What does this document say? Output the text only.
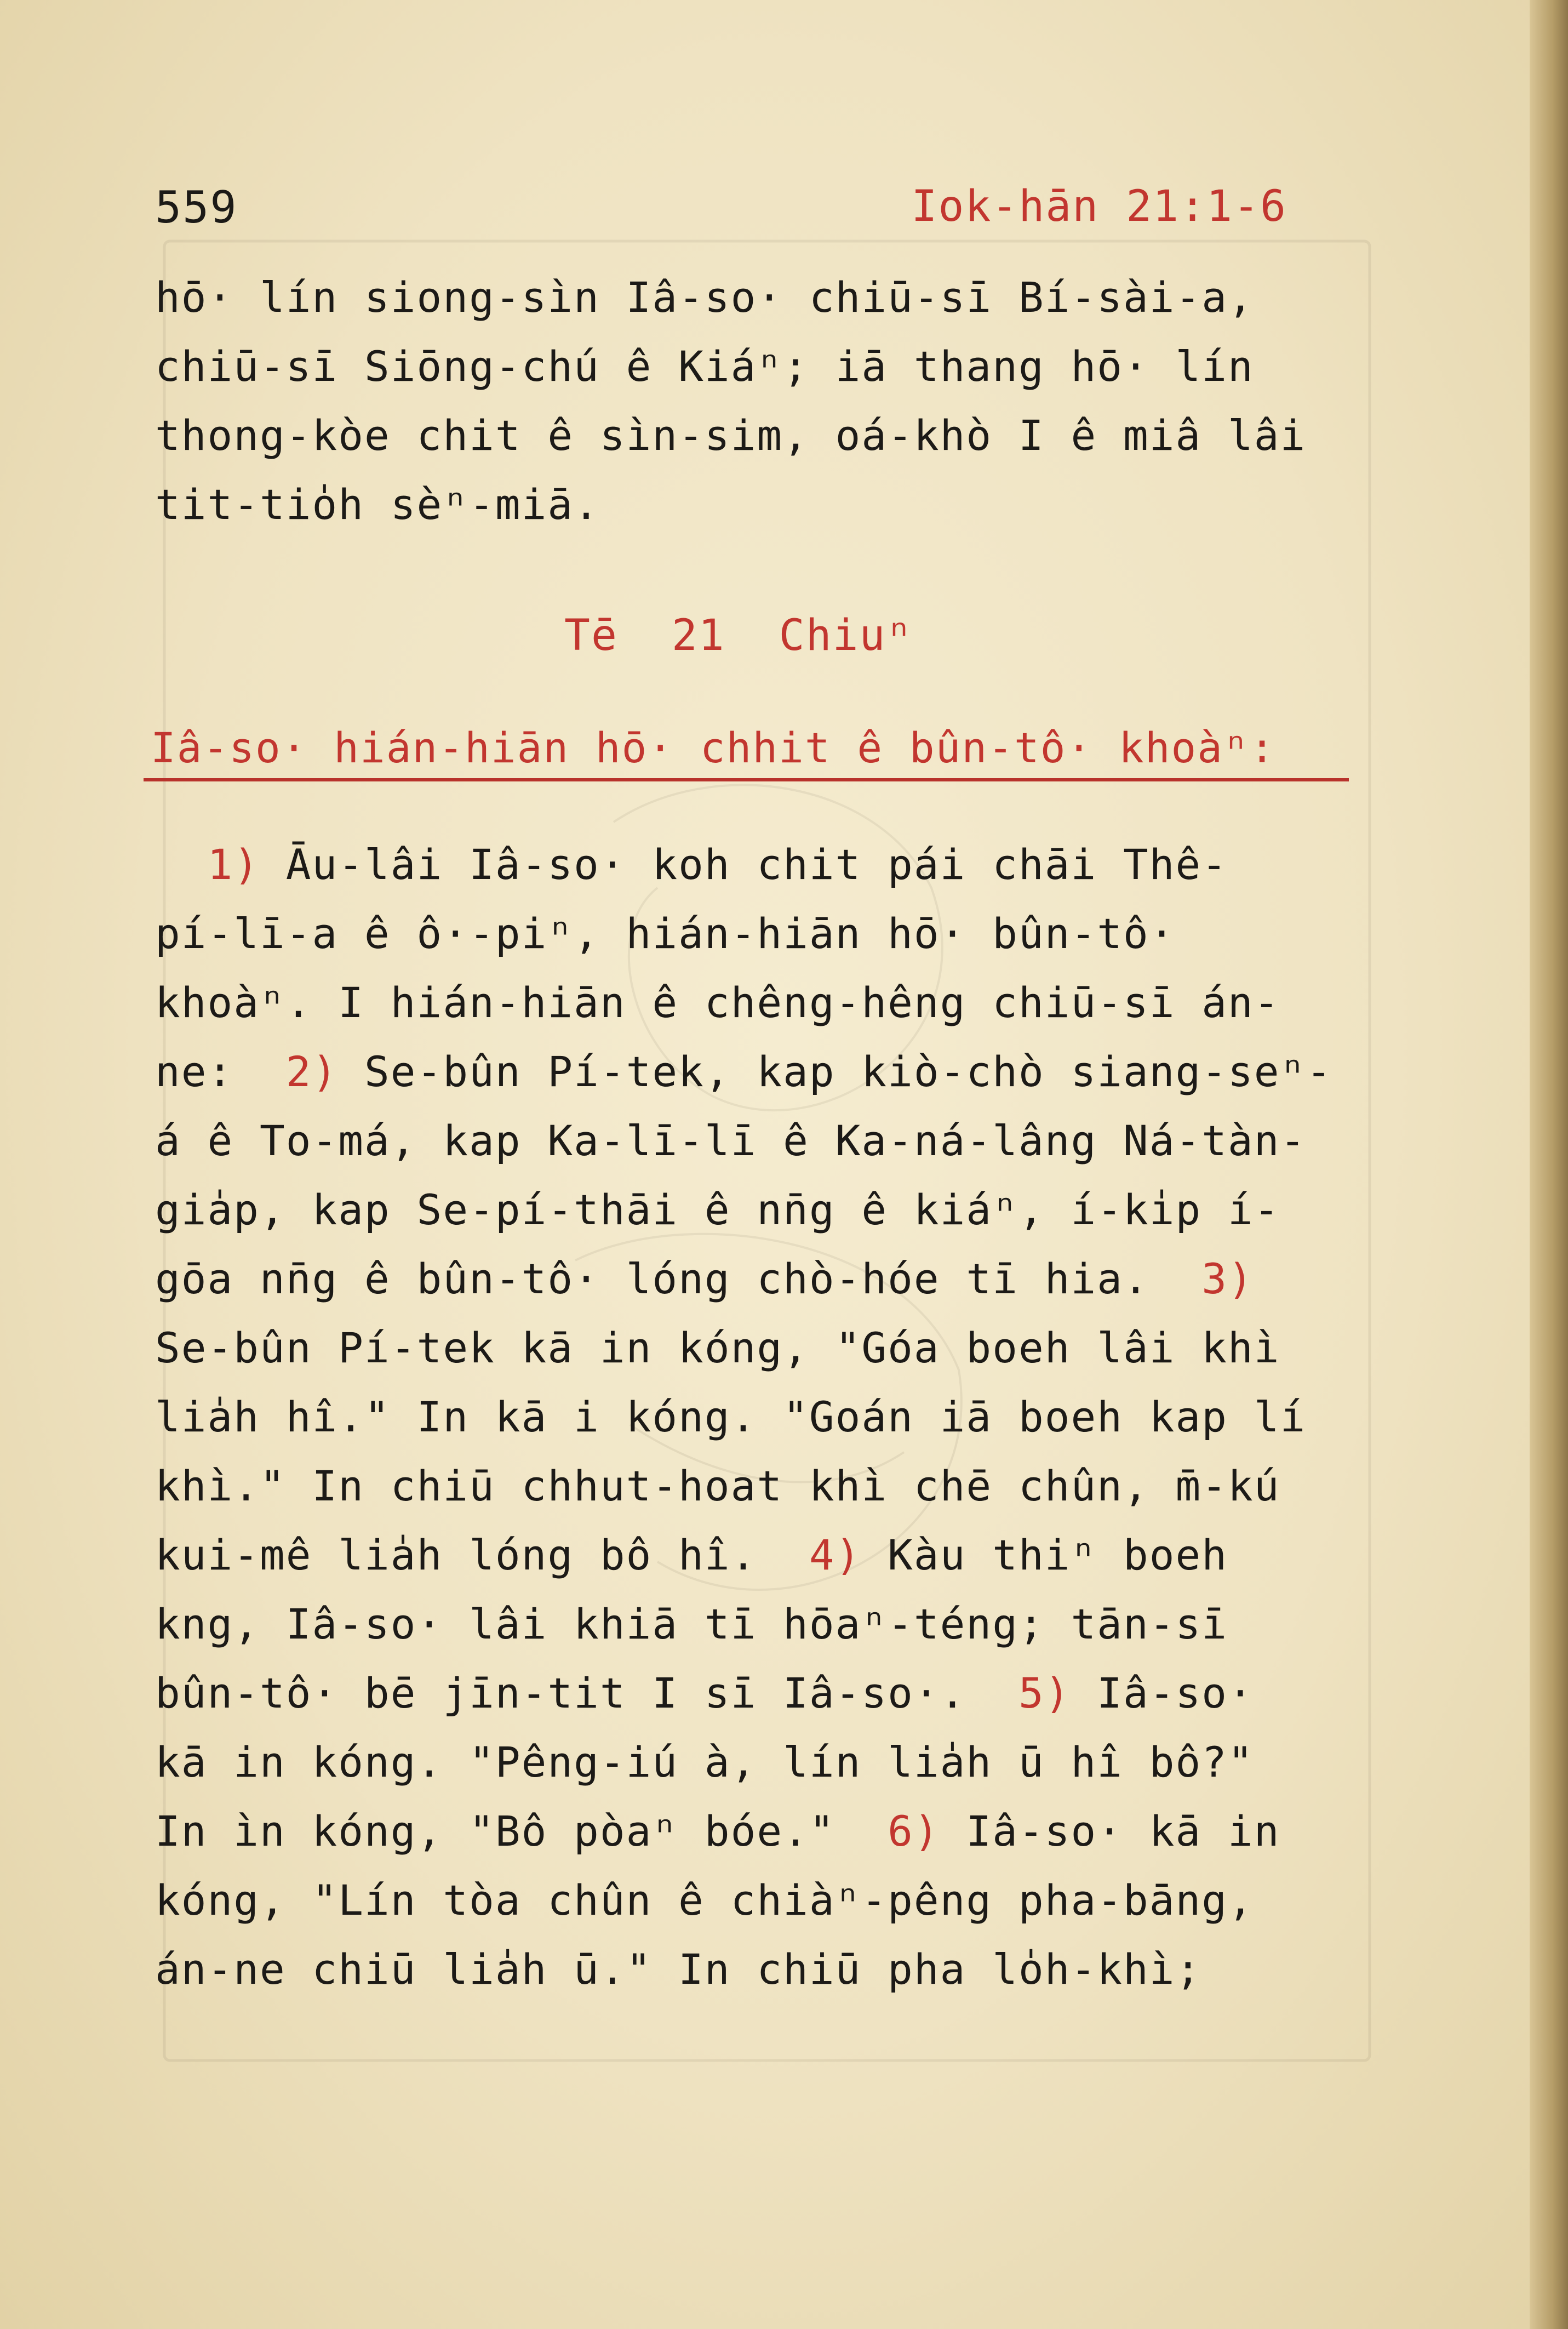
559	Iok-hān 21:1-6
hō· lín siong-sìn Iâ-so· chiū-sī Bí-sài-a,
chiū-sī Siōng-chú ê Kiáⁿ; iā thang hō· lín
thong-kòe chit ê sìn-sim, oá-khò I ê miâ lâi
tit-tio̍h sèⁿ-miā.
Tē  21  Chiuⁿ
Iâ-so· hián-hiān hō· chhit ê bûn-tô· khoàⁿ:
1) Āu-lâi Iâ-so· koh chit pái chāi Thê-
pí-lī-a ê ô·-piⁿ, hián-hiān hō· bûn-tô·
khoàⁿ. I hián-hiān ê chêng-hêng chiū-sī án-
ne:  2) Se-bûn Pí-tek, kap kiò-chò siang-seⁿ-
á ê To-má, kap Ka-lī-lī ê Ka-ná-lâng Ná-tàn-
gia̍p, kap Se-pí-thāi ê nn̄g ê kiáⁿ, í-ki̍p í-
gōa nn̄g ê bûn-tô· lóng chò-hóe tī hia.  3)
Se-bûn Pí-tek kā in kóng, "Góa boeh lâi khì
lia̍h hî." In kā i kóng. "Goán iā boeh kap lí
khì." In chiū chhut-hoat khì chē chûn, m̄-kú
kui-mê lia̍h lóng bô hî.  4) Kàu thiⁿ boeh
kng, Iâ-so· lâi khiā tī hōaⁿ-téng; tān-sī
bûn-tô· bē jīn-tit I sī Iâ-so·.  5) Iâ-so·
kā in kóng. "Pêng-iú à, lín lia̍h ū hî bô?"
In ìn kóng, "Bô pòaⁿ bóe."  6) Iâ-so· kā in
kóng, "Lín tòa chûn ê chiàⁿ-pêng pha-bāng,
án-ne chiū lia̍h ū." In chiū pha lo̍h-khì;
